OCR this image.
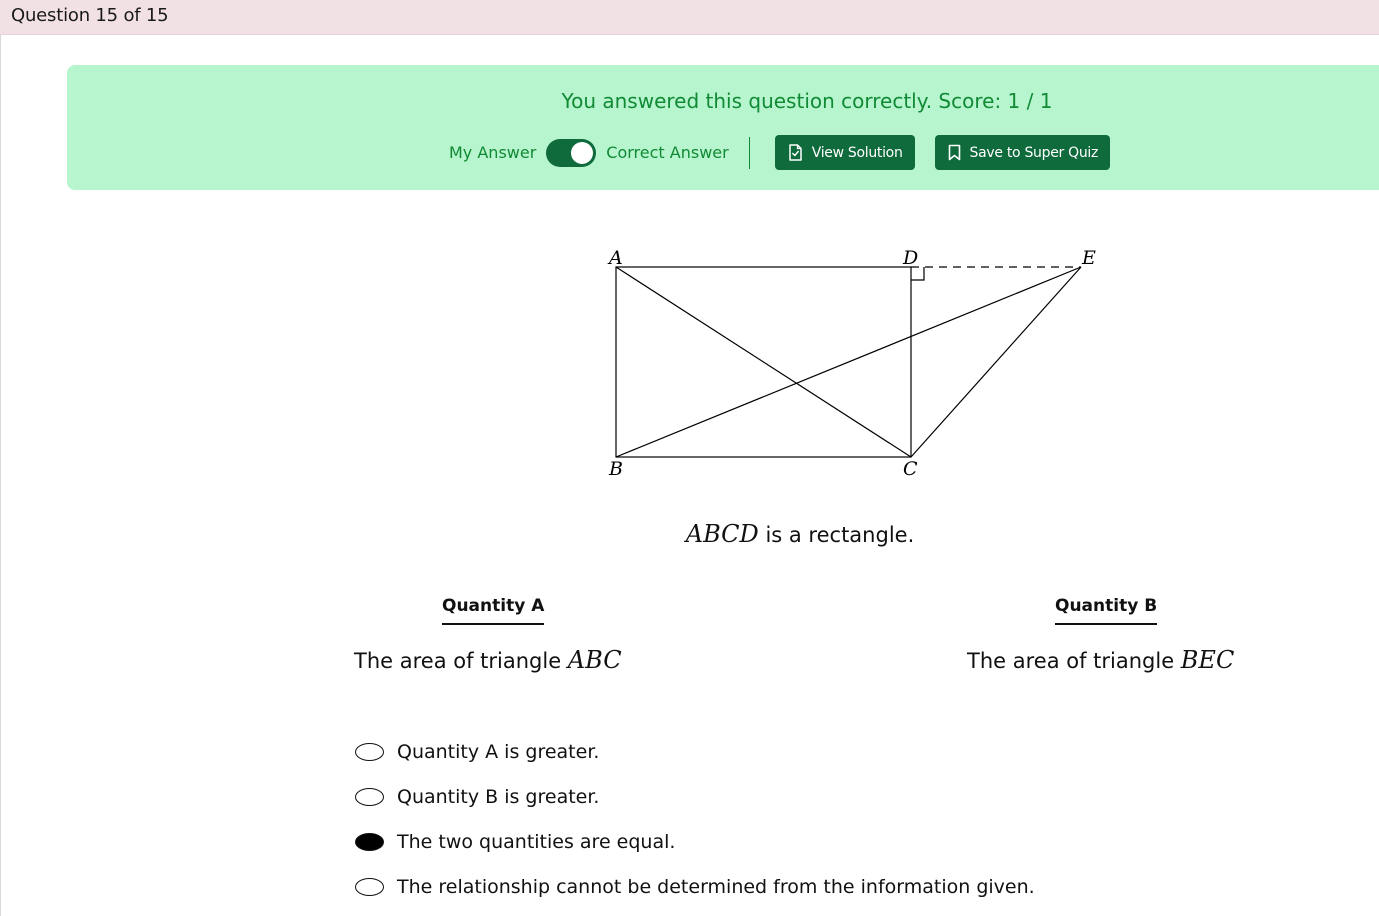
Question 15 of 15
You answered this question correctly. Score: 1 / 1
My Answer	Correct Answer	View Solution	Save to Super Quiz
A	D	E
B	C
ABCD is a rectangle.
Quantity A	Quantity B
The area of triangle ABC	The area of triangle BEC
Quantity A is greater.
Quantity B is greater.
The two quantities are equal.
The relationship cannot be determined from the information given.
